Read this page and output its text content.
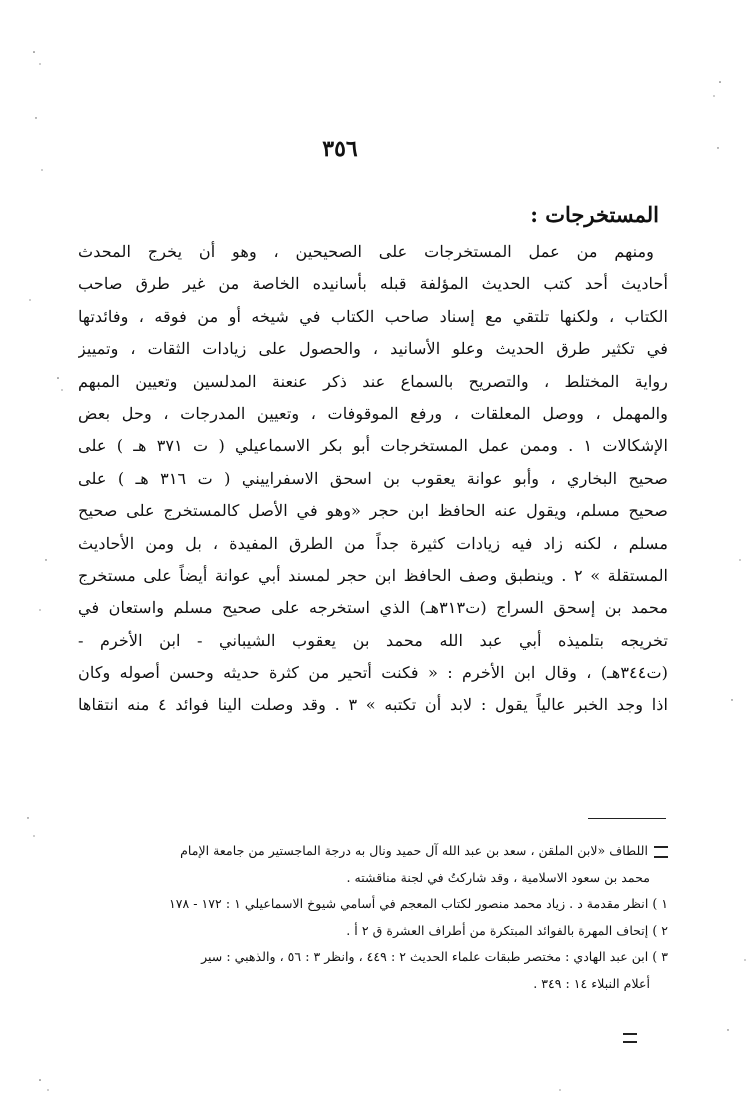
٣٥٦
المستخرجات :
ومنهم من عمل المستخرجات على الصحيحين ، وهو أن يخرج المحدث
أحاديث أحد كتب الحديث المؤلفة قبله بأسانيده الخاصة من غير طرق صاحب
الكتاب ، ولكنها تلتقي مع إسناد صاحب الكتاب في شيخه أو من فوقه ، وفائدتها
في تكثير طرق الحديث وعلو الأسانيد ، والحصول على زيادات الثقات ، وتمييز
رواية المختلط ، والتصريح بالسماع عند ذكر عنعنة المدلسين وتعيين المبهم
والمهمل ، ووصل المعلقات ، ورفع الموقوفات ، وتعيين المدرجات ، وحل بعض
الإشكالات ١ . وممن عمل المستخرجات أبو بكر الاسماعيلي ( ت ٣٧١ هـ ) على
صحيح البخاري ، وأبو عوانة يعقوب بن اسحق الاسفراييني ( ت ٣١٦ هـ ) على
صحيح مسلم، ويقول عنه الحافظ ابن حجر «وهو في الأصل كالمستخرج على صحيح
مسلم ، لكنه زاد فيه زيادات كثيرة جداً من الطرق المفيدة ، بل ومن الأحاديث
المستقلة » ٢ . وينطبق وصف الحافظ ابن حجر لمسند أبي عوانة أيضاً على مستخرج
محمد بن إسحق السراج (ت٣١٣هـ) الذي استخرجه على صحيح مسلم واستعان في
تخريجه بتلميذه أبي عبد الله محمد بن يعقوب الشيباني - ابن الأخرم -
(ت٣٤٤هـ) ، وقال ابن الأخرم : « فكنت أتحير من كثرة حديثه وحسن أصوله وكان
اذا وجد الخبر عالياً يقول : لابد أن تكتبه » ٣ . وقد وصلت الينا فوائد ٤ منه انتقاها
اللطاف «لابن الملقن ، سعد بن عبد الله آل حميد ونال به درجة الماجستير من جامعة الإمام
محمد بن سعود الاسلامية ، وقد شاركتُ في لجنة مناقشته .
١ ) انظر مقدمة د . زياد محمد منصور لكتاب المعجم في أسامي شيوخ الاسماعيلي ١ : ١٧٢ - ١٧٨
٢ ) إتحاف المهرة بالفوائد المبتكرة من أطراف العشرة ق ٢ أ .
٣ ) ابن عبد الهادي : مختصر طبقات علماء الحديث ٢ : ٤٤٩ ، وانظر ٣ : ٥٦ ، والذهبي : سير
أعلام النبلاء ١٤ : ٣٤٩ .
